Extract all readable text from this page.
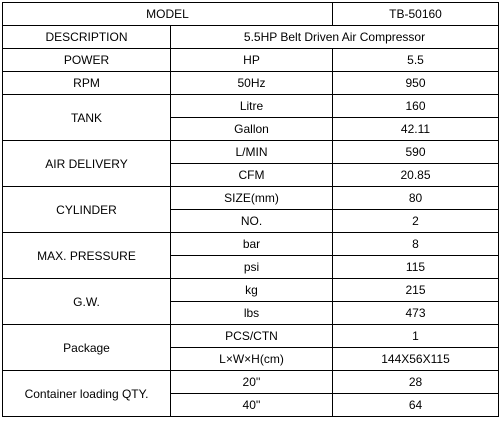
MODEL		TB-50160
DESCRIPTION	5.5HP Belt Driven Air Compressor	
POWER	HP	5.5
RPM	50Hz	950
TANK	Litre	160
	Gallon	42.11
AIR DELIVERY	L/MIN	590
	CFM	20.85
CYLINDER	SIZE(mm)	80
	NO.	2
MAX. PRESSURE	bar	8
	psi	115
G.W.	kg	215
	lbs	473
Package	PCS/CTN	1
	L×W×H(cm)	144X56X115
Container loading QTY.	20''	28
	40''	64
